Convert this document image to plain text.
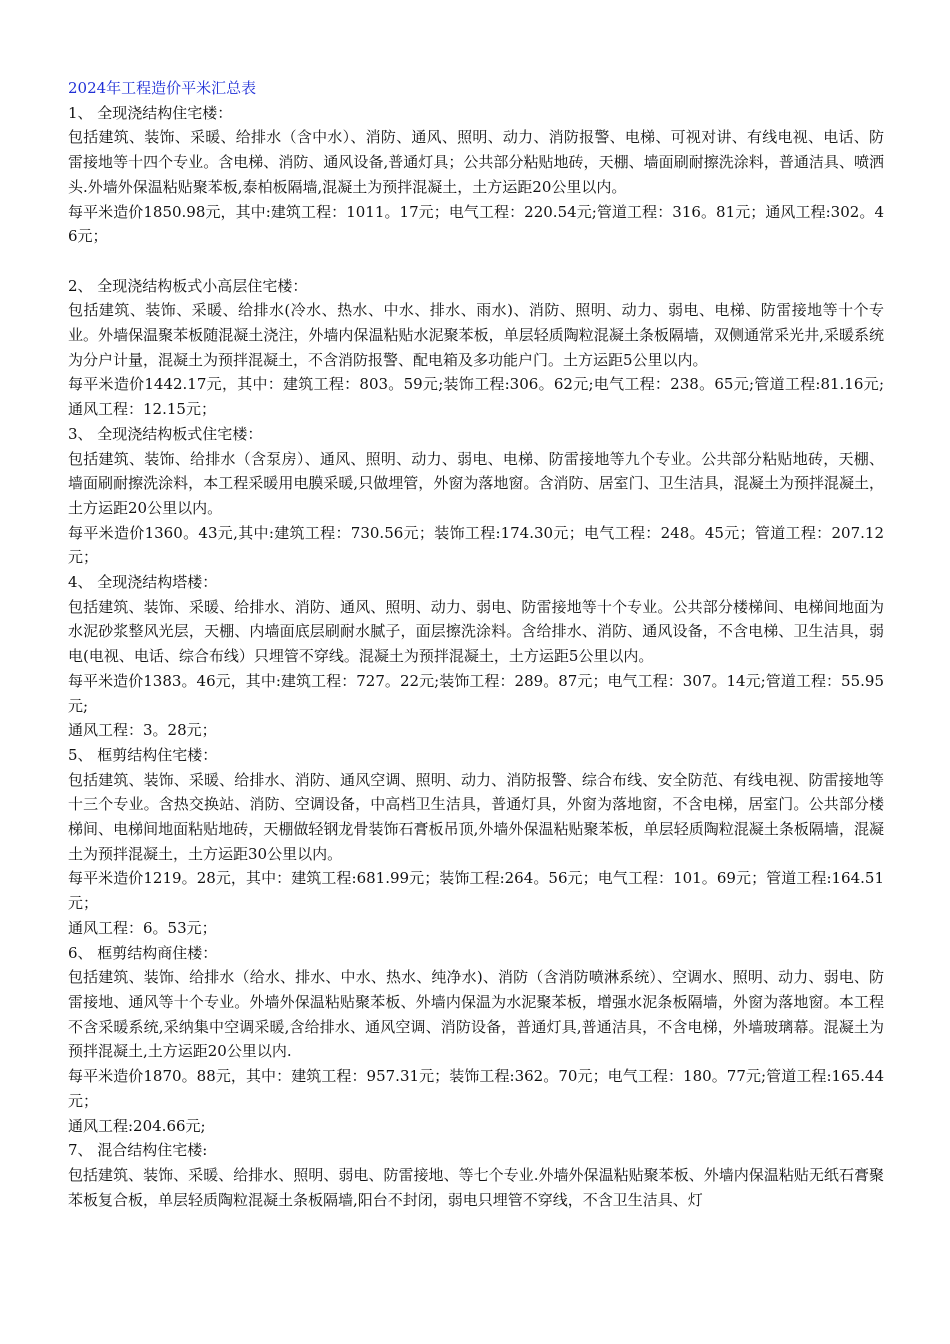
2024年工程造价平米汇总表

1、 全现浇结构住宅楼：

包括建筑、装饰、采暖、给排水（含中水）、消防、通风、照明、动力、消防报警、电梯、可视对讲、有线电视、电话、防雷接地等十四个专业。含电梯、消防、通风设备,普通灯具；公共部分粘贴地砖，天棚、墙面刷耐擦洗涂料，普通洁具、喷洒头.外墙外保温粘贴聚苯板,泰柏板隔墙,混凝土为预拌混凝土，土方运距20公里以内。

每平米造价1850.98元，其中:建筑工程：1011。17元；电气工程：220.54元;管道工程：316。81元；通风工程:302。46元；

2、 全现浇结构板式小高层住宅楼：

包括建筑、装饰、采暖、给排水(冷水、热水、中水、排水、雨水)、消防、照明、动力、弱电、电梯、防雷接地等十个专业。外墙保温聚苯板随混凝土浇注，外墙内保温粘贴水泥聚苯板，单层轻质陶粒混凝土条板隔墙，双侧通常采光井,采暖系统为分户计量，混凝土为预拌混凝土，不含消防报警、配电箱及多功能户门。土方运距5公里以内。

每平米造价1442.17元，其中：建筑工程：803。59元;装饰工程:306。62元;电气工程：238。65元;管道工程:81.16元;通风工程：12.15元；

3、 全现浇结构板式住宅楼：

包括建筑、装饰、给排水（含泵房）、通风、照明、动力、弱电、电梯、防雷接地等九个专业。公共部分粘贴地砖，天棚、墙面刷耐擦洗涂料，本工程采暖用电膜采暖,只做埋管，外窗为落地窗。含消防、居室门、卫生洁具，混凝土为预拌混凝土，土方运距20公里以内。

每平米造价1360。43元,其中:建筑工程：730.56元；装饰工程:174.30元；电气工程：248。45元；管道工程：207.12元；

4、 全现浇结构塔楼：

包括建筑、装饰、采暖、给排水、消防、通风、照明、动力、弱电、防雷接地等十个专业。公共部分楼梯间、电梯间地面为水泥砂浆整风光层，天棚、内墙面底层刷耐水腻子，面层擦洗涂料。含给排水、消防、通风设备，不含电梯、卫生洁具，弱电(电视、电话、综合布线）只埋管不穿线。混凝土为预拌混凝土，土方运距5公里以内。

每平米造价1383。46元，其中:建筑工程：727。22元;装饰工程：289。87元；电气工程：307。14元;管道工程：55.95元;

通风工程：3。28元；

5、 框剪结构住宅楼：

包括建筑、装饰、采暖、给排水、消防、通风空调、照明、动力、消防报警、综合布线、安全防范、有线电视、防雷接地等十三个专业。含热交换站、消防、空调设备，中高档卫生洁具，普通灯具，外窗为落地窗，不含电梯，居室门。公共部分楼梯间、电梯间地面粘贴地砖，天棚做轻钢龙骨装饰石膏板吊顶,外墙外保温粘贴聚苯板，单层轻质陶粒混凝土条板隔墙，混凝土为预拌混凝土，土方运距30公里以内。

每平米造价1219。28元，其中：建筑工程:681.99元；装饰工程:264。56元；电气工程：101。69元；管道工程:164.51元；

通风工程：6。53元；

6、 框剪结构商住楼：

包括建筑、装饰、给排水（给水、排水、中水、热水、纯净水)、消防（含消防喷淋系统）、空调水、照明、动力、弱电、防雷接地、通风等十个专业。外墙外保温粘贴聚苯板、外墙内保温为水泥聚苯板，增强水泥条板隔墙，外窗为落地窗。本工程不含采暖系统,采纳集中空调采暖,含给排水、通风空调、消防设备，普通灯具,普通洁具，不含电梯，外墙玻璃幕。混凝土为预拌混凝土,土方运距20公里以内.

每平米造价1870。88元，其中：建筑工程：957.31元；装饰工程:362。70元；电气工程：180。77元;管道工程:165.44元；

通风工程:204.66元;

7、 混合结构住宅楼:

包括建筑、装饰、采暖、给排水、照明、弱电、防雷接地、等七个专业.外墙外保温粘贴聚苯板、外墙内保温粘贴无纸石膏聚苯板复合板，单层轻质陶粒混凝土条板隔墙,阳台不封闭，弱电只埋管不穿线，不含卫生洁具、灯
